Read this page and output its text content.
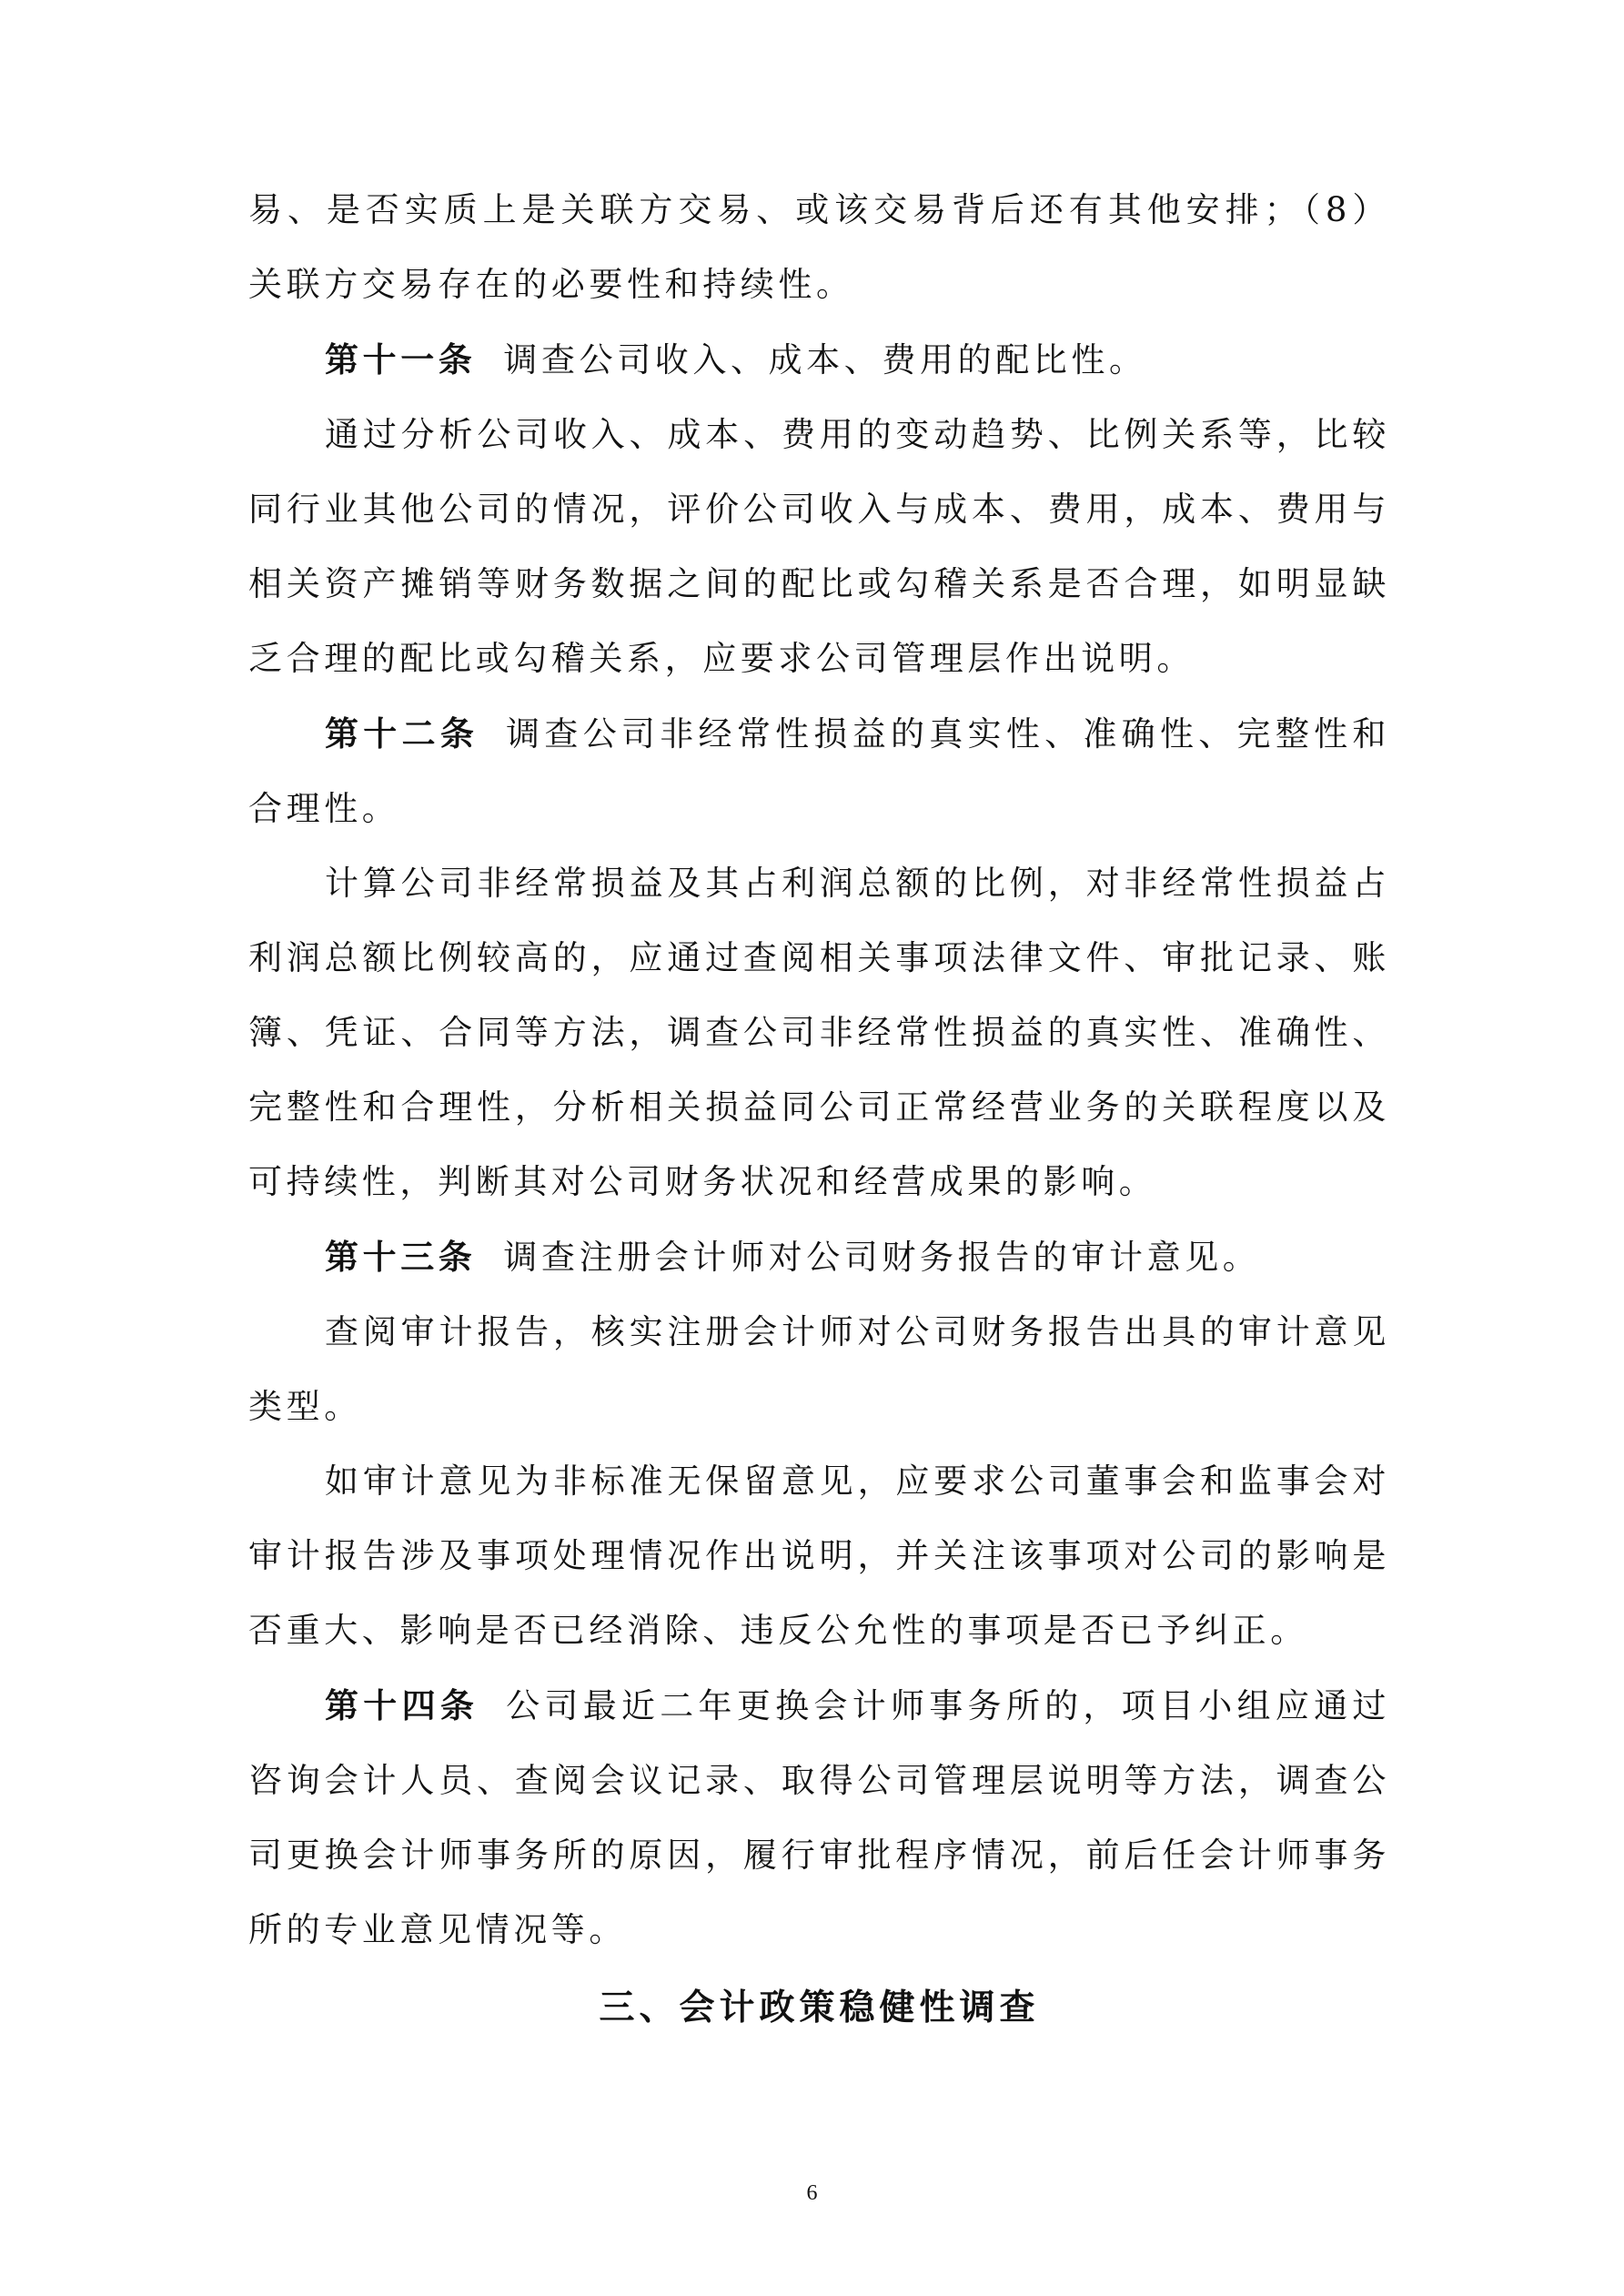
易、是否实质上是关联方交易、或该交易背后还有其他安排；（8）关联方交易存在的必要性和持续性。

第十一条 调查公司收入、成本、费用的配比性。

通过分析公司收入、成本、费用的变动趋势、比例关系等，比较同行业其他公司的情况，评价公司收入与成本、费用，成本、费用与相关资产摊销等财务数据之间的配比或勾稽关系是否合理，如明显缺乏合理的配比或勾稽关系，应要求公司管理层作出说明。

第十二条 调查公司非经常性损益的真实性、准确性、完整性和合理性。

计算公司非经常损益及其占利润总额的比例，对非经常性损益占利润总额比例较高的，应通过查阅相关事项法律文件、审批记录、账簿、凭证、合同等方法，调查公司非经常性损益的真实性、准确性、完整性和合理性，分析相关损益同公司正常经营业务的关联程度以及可持续性，判断其对公司财务状况和经营成果的影响。

第十三条 调查注册会计师对公司财务报告的审计意见。

查阅审计报告，核实注册会计师对公司财务报告出具的审计意见类型。

如审计意见为非标准无保留意见，应要求公司董事会和监事会对审计报告涉及事项处理情况作出说明，并关注该事项对公司的影响是否重大、影响是否已经消除、违反公允性的事项是否已予纠正。

第十四条 公司最近二年更换会计师事务所的，项目小组应通过咨询会计人员、查阅会议记录、取得公司管理层说明等方法，调查公司更换会计师事务所的原因，履行审批程序情况，前后任会计师事务所的专业意见情况等。

三、会计政策稳健性调查

6
